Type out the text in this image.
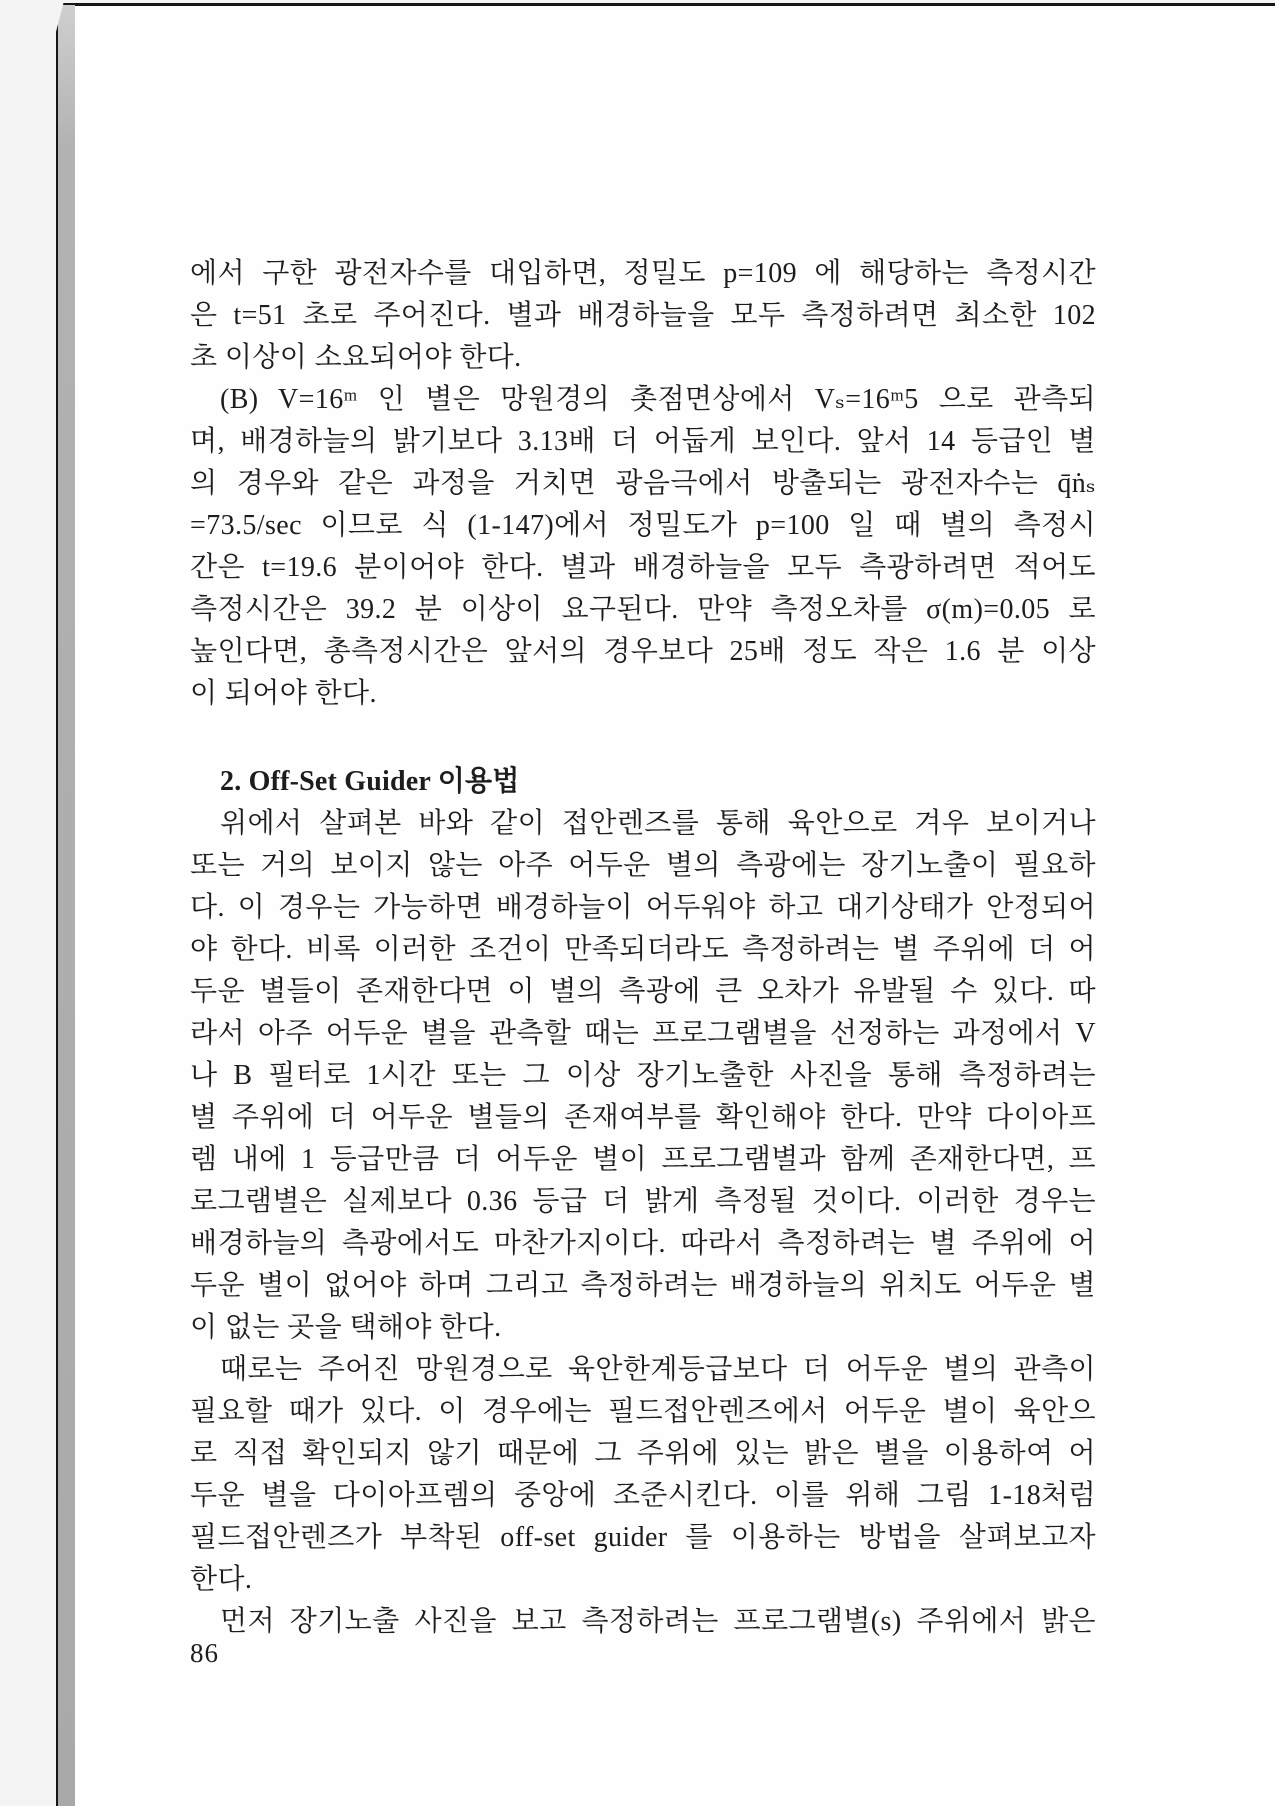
에서 구한 광전자수를 대입하면, 정밀도 p=109 에 해당하는 측정시간
은 t=51 초로 주어진다. 별과 배경하늘을 모두 측정하려면 최소한 102
초 이상이 소요되어야 한다.
(B) V=16ᵐ 인 별은 망원경의 촛점면상에서 Vₛ=16ᵐ5 으로 관측되
며, 배경하늘의 밝기보다 3.13배 더 어둡게 보인다. 앞서 14 등급인 별
의 경우와 같은 과정을 거치면 광음극에서 방출되는 광전자수는 q̄ṅₛ
=73.5/sec 이므로 식 (1-147)에서 정밀도가 p=100 일 때 별의 측정시
간은 t=19.6 분이어야 한다. 별과 배경하늘을 모두 측광하려면 적어도
측정시간은 39.2 분 이상이 요구된다. 만약 측정오차를 σ(m)=0.05 로
높인다면, 총측정시간은 앞서의 경우보다 25배 정도 작은 1.6 분 이상
이 되어야 한다.
2. Off-Set Guider 이용법
위에서 살펴본 바와 같이 접안렌즈를 통해 육안으로 겨우 보이거나
또는 거의 보이지 않는 아주 어두운 별의 측광에는 장기노출이 필요하
다. 이 경우는 가능하면 배경하늘이 어두워야 하고 대기상태가 안정되어
야 한다. 비록 이러한 조건이 만족되더라도 측정하려는 별 주위에 더 어
두운 별들이 존재한다면 이 별의 측광에 큰 오차가 유발될 수 있다. 따
라서 아주 어두운 별을 관측할 때는 프로그램별을 선정하는 과정에서 V
나 B 필터로 1시간 또는 그 이상 장기노출한 사진을 통해 측정하려는
별 주위에 더 어두운 별들의 존재여부를 확인해야 한다. 만약 다이아프
렘 내에 1 등급만큼 더 어두운 별이 프로그램별과 함께 존재한다면, 프
로그램별은 실제보다 0.36 등급 더 밝게 측정될 것이다. 이러한 경우는
배경하늘의 측광에서도 마찬가지이다. 따라서 측정하려는 별 주위에 어
두운 별이 없어야 하며 그리고 측정하려는 배경하늘의 위치도 어두운 별
이 없는 곳을 택해야 한다.
때로는 주어진 망원경으로 육안한계등급보다 더 어두운 별의 관측이
필요할 때가 있다. 이 경우에는 필드접안렌즈에서 어두운 별이 육안으
로 직접 확인되지 않기 때문에 그 주위에 있는 밝은 별을 이용하여 어
두운 별을 다이아프렘의 중앙에 조준시킨다. 이를 위해 그림 1-18처럼
필드접안렌즈가 부착된 off-set guider 를 이용하는 방법을 살펴보고자
한다.
먼저 장기노출 사진을 보고 측정하려는 프로그램별(s) 주위에서 밝은
86
